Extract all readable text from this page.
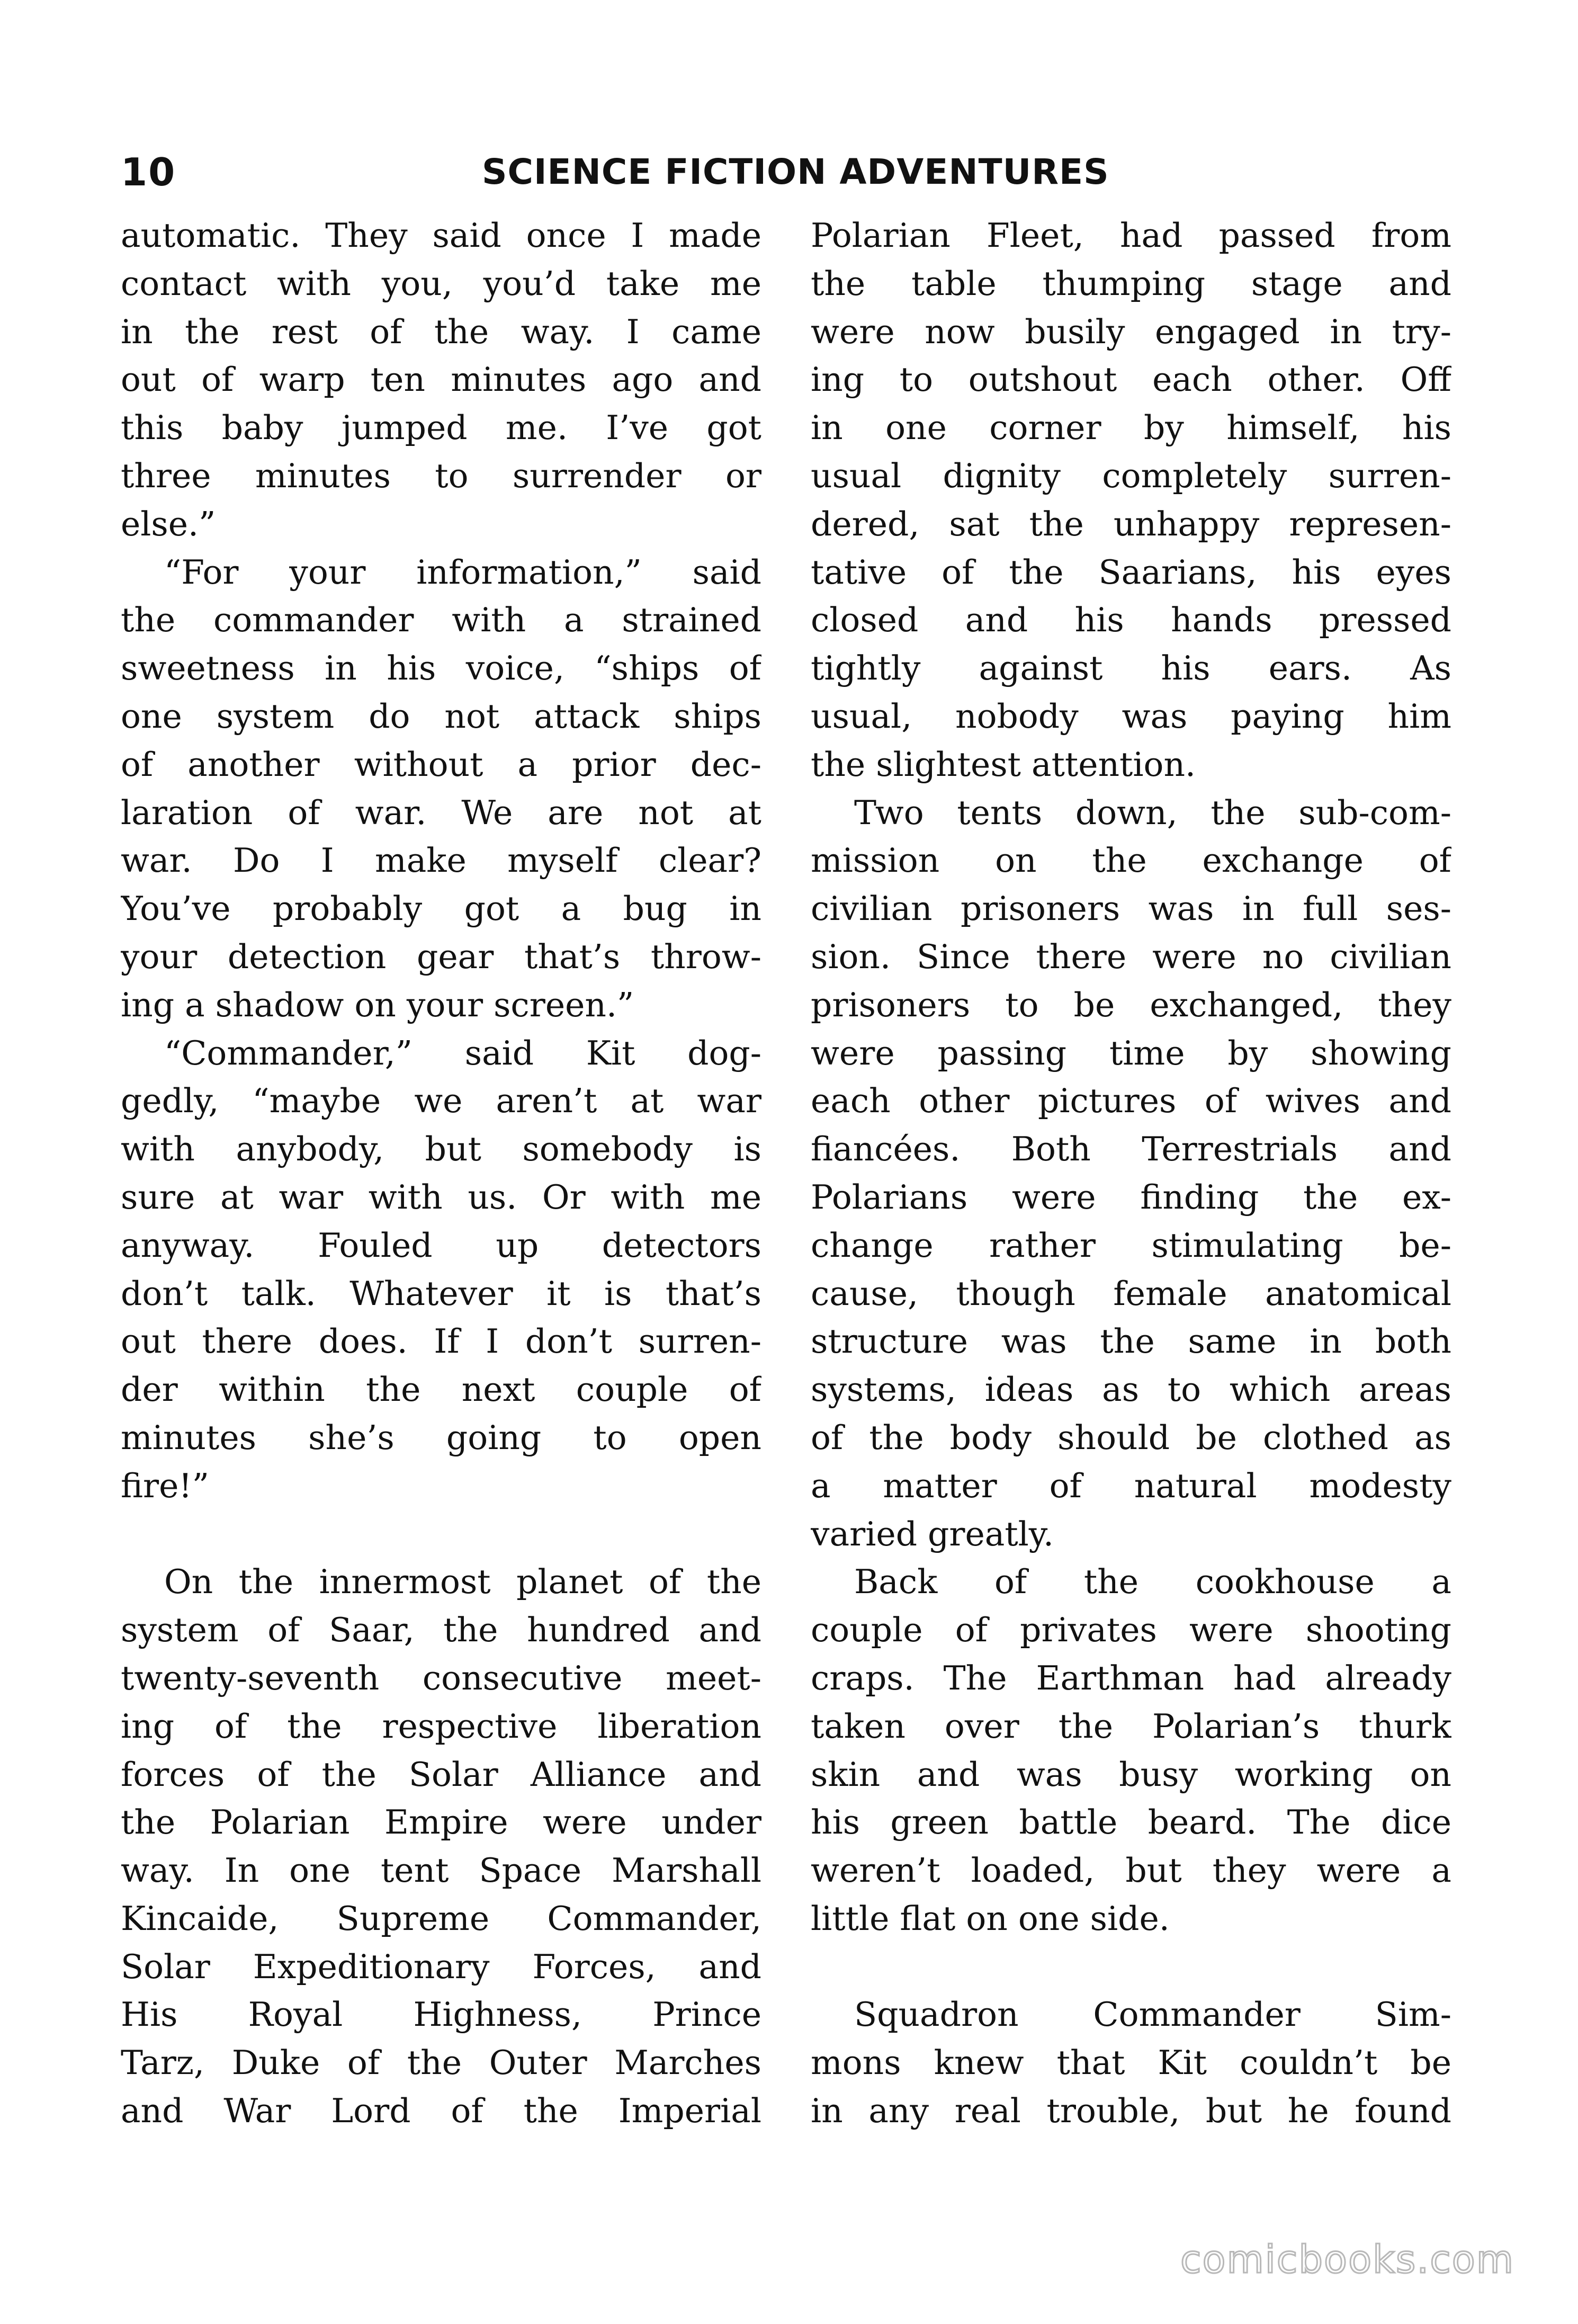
10	SCIENCE FICTION ADVENTURES
automatic. They said once I made
contact with you, you’d take me
in the rest of the way. I came
out of warp ten minutes ago and
this baby jumped me. I’ve got
three minutes to surrender or
else.”
“For your information,” said
the commander with a strained
sweetness in his voice, “ships of
one system do not attack ships
of another without a prior dec-
laration of war. We are not at
war. Do I make myself clear?
You’ve probably got a bug in
your detection gear that’s throw-
ing a shadow on your screen.”
“Commander,” said Kit dog-
gedly, “maybe we aren’t at war
with anybody, but somebody is
sure at war with us. Or with me
anyway. Fouled up detectors
don’t talk. Whatever it is that’s
out there does. If I don’t surren-
der within the next couple of
minutes she’s going to open
fire!”
On the innermost planet of the
system of Saar, the hundred and
twenty-seventh consecutive meet-
ing of the respective liberation
forces of the Solar Alliance and
the Polarian Empire were under
way. In one tent Space Marshall
Kincaide, Supreme Commander,
Solar Expeditionary Forces, and
His Royal Highness, Prince
Tarz, Duke of the Outer Marches
and War Lord of the Imperial
Polarian Fleet, had passed from
the table thumping stage and
were now busily engaged in try-
ing to outshout each other. Off
in one corner by himself, his
usual dignity completely surren-
dered, sat the unhappy represen-
tative of the Saarians, his eyes
closed and his hands pressed
tightly against his ears. As
usual, nobody was paying him
the slightest attention.
Two tents down, the sub-com-
mission on the exchange of
civilian prisoners was in full ses-
sion. Since there were no civilian
prisoners to be exchanged, they
were passing time by showing
each other pictures of wives and
fiancées. Both Terrestrials and
Polarians were finding the ex-
change rather stimulating be-
cause, though female anatomical
structure was the same in both
systems, ideas as to which areas
of the body should be clothed as
a matter of natural modesty
varied greatly.
Back of the cookhouse a
couple of privates were shooting
craps. The Earthman had already
taken over the Polarian’s thurk
skin and was busy working on
his green battle beard. The dice
weren’t loaded, but they were a
little flat on one side.
Squadron Commander Sim-
mons knew that Kit couldn’t be
in any real trouble, but he found
comicbooks.com
